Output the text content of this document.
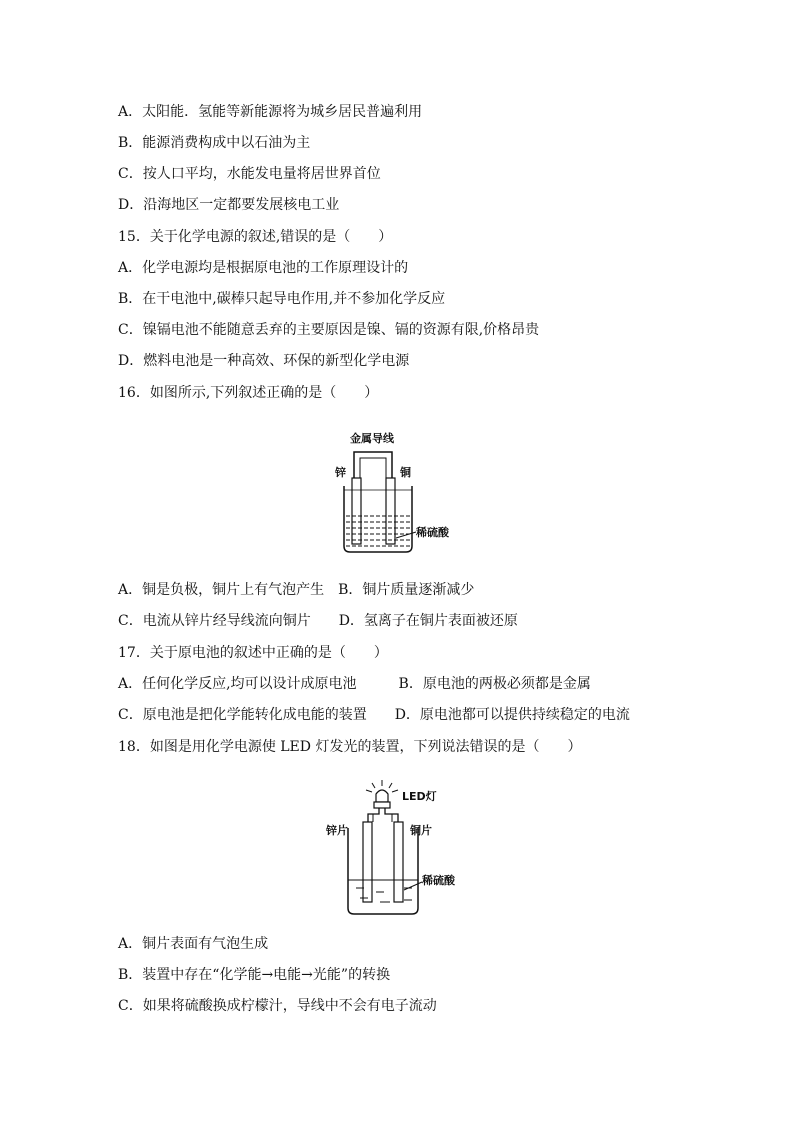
A．太阳能．氢能等新能源将为城乡居民普遍利用
B．能源消费构成中以石油为主
C．按人口平均，水能发电量将居世界首位
D．沿海地区一定都要发展核电工业
15．关于化学电源的叙述,错误的是（　　）
A．化学电源均是根据原电池的工作原理设计的
B．在干电池中,碳棒只起导电作用,并不参加化学反应
C．镍镉电池不能随意丢弃的主要原因是镍、镉的资源有限,价格昂贵
D．燃料电池是一种高效、环保的新型化学电源
16．如图所示,下列叙述正确的是（　　）
金属导线
锌	铜
稀硫酸
A．铜是负极，铜片上有气泡产生　B．铜片质量逐渐减少
C．电流从锌片经导线流向铜片　　D．氢离子在铜片表面被还原
17．关于原电池的叙述中正确的是（　　）
A．任何化学反应,均可以设计成原电池　　　B．原电池的两极必须都是金属
C．原电池是把化学能转化成电能的装置　　D．原电池都可以提供持续稳定的电流
18．如图是用化学电源使 LED 灯发光的装置，下列说法错误的是（　　）
LED灯
锌片	铜片
稀硫酸
A．铜片表面有气泡生成
B．装置中存在“化学能→电能→光能”的转换
C．如果将硫酸换成柠檬汁，导线中不会有电子流动
